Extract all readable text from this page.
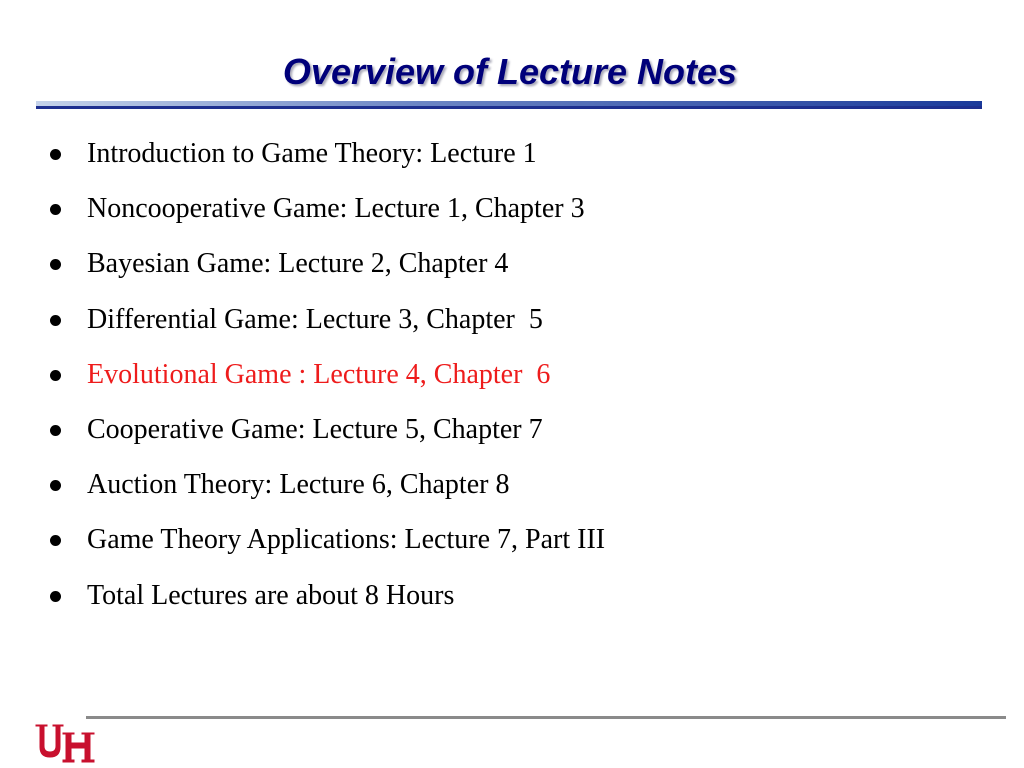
Overview of Lecture Notes
Introduction to Game Theory: Lecture 1
Noncooperative Game: Lecture 1, Chapter 3
Bayesian Game: Lecture 2, Chapter 4
Differential Game: Lecture 3, Chapter  5
Evolutional Game : Lecture 4, Chapter  6
Cooperative Game: Lecture 5, Chapter 7
Auction Theory: Lecture 6, Chapter 8
Game Theory Applications: Lecture 7, Part III
Total Lectures are about 8 Hours
